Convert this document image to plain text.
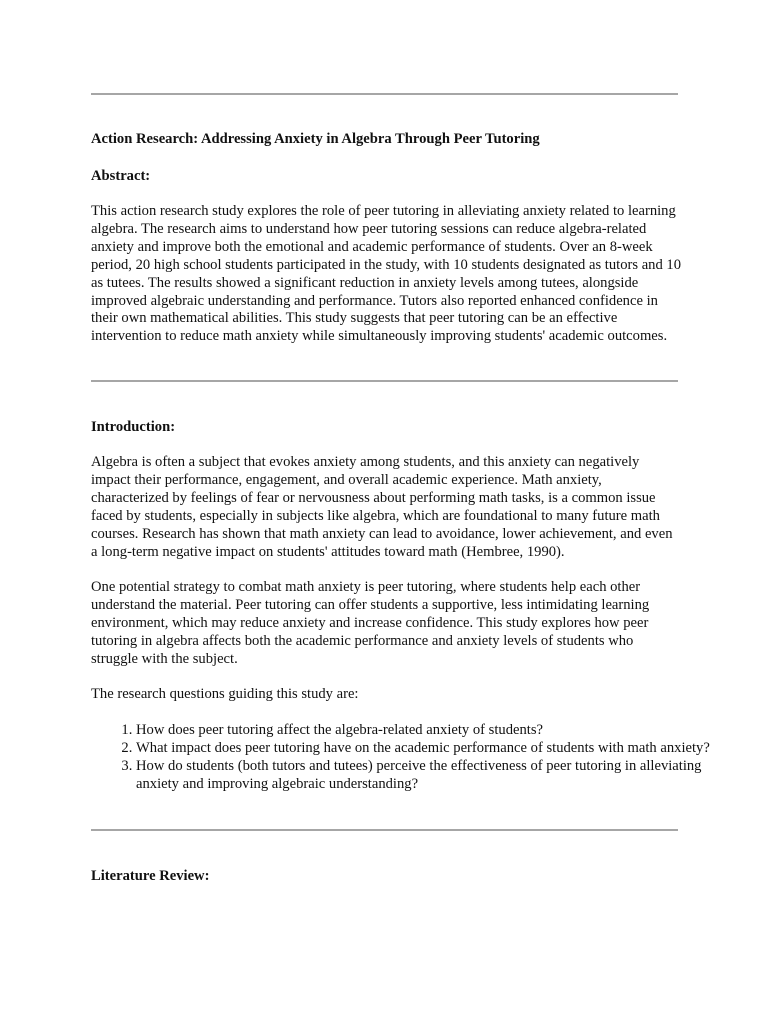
Action Research: Addressing Anxiety in Algebra Through Peer Tutoring

Abstract:

This action research study explores the role of peer tutoring in alleviating anxiety related to learning algebra. The research aims to understand how peer tutoring sessions can reduce algebra-related anxiety and improve both the emotional and academic performance of students. Over an 8-week period, 20 high school students participated in the study, with 10 students designated as tutors and 10 as tutees. The results showed a significant reduction in anxiety levels among tutees, alongside improved algebraic understanding and performance. Tutors also reported enhanced confidence in their own mathematical abilities. This study suggests that peer tutoring can be an effective intervention to reduce math anxiety while simultaneously improving students' academic outcomes.

Introduction:

Algebra is often a subject that evokes anxiety among students, and this anxiety can negatively impact their performance, engagement, and overall academic experience. Math anxiety, characterized by feelings of fear or nervousness about performing math tasks, is a common issue faced by students, especially in subjects like algebra, which are foundational to many future math courses. Research has shown that math anxiety can lead to avoidance, lower achievement, and even a long-term negative impact on students' attitudes toward math (Hembree, 1990).

One potential strategy to combat math anxiety is peer tutoring, where students help each other understand the material. Peer tutoring can offer students a supportive, less intimidating learning environment, which may reduce anxiety and increase confidence. This study explores how peer tutoring in algebra affects both the academic performance and anxiety levels of students who struggle with the subject.

The research questions guiding this study are:

1. How does peer tutoring affect the algebra-related anxiety of students?
2. What impact does peer tutoring have on the academic performance of students with math anxiety?
3. How do students (both tutors and tutees) perceive the effectiveness of peer tutoring in alleviating anxiety and improving algebraic understanding?

Literature Review:
